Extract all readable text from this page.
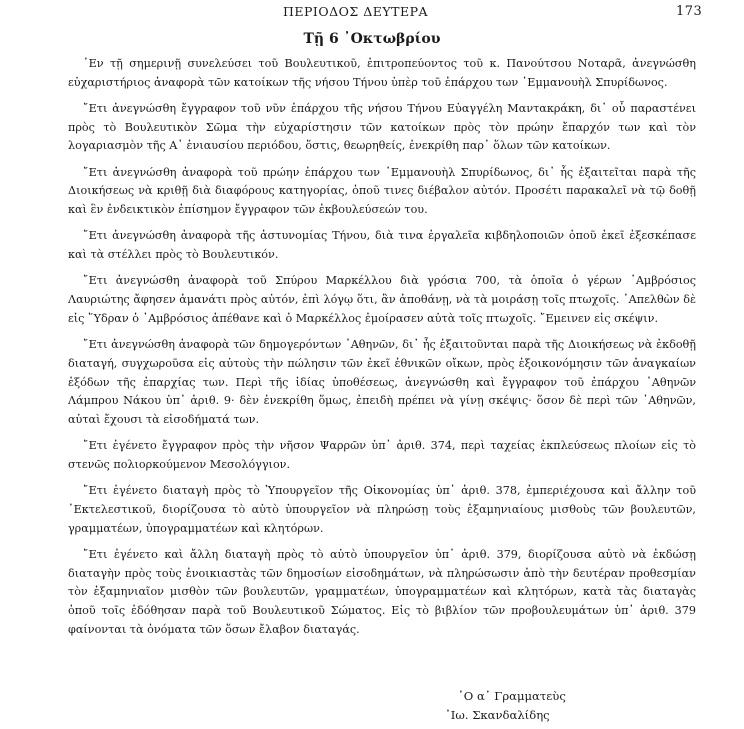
ΠΕΡΙΟΔΟΣ ΔΕΥΤΕΡΑ	173
Τῇ 6 ᾿Οκτωβρίου

᾿Εν τῇ σημερινῇ συνελεύσει τοῦ Βουλευτικοῦ, ἐπιτροπεύοντος τοῦ κ. Πανούτσου Νοταρᾶ, ἀνεγνώσθη εὐχαριστήριος ἀναφορὰ τῶν κατοίκων τῆς νήσου Τήνου ὑπὲρ τοῦ ἐπάρχου των ᾿Εμμανουὴλ Σπυρίδωνος.

῎Ετι ἀνεγνώσθη ἔγγραφον τοῦ νῦν ἐπάρχου τῆς νήσου Τήνου Εὐαγγέλη Μαντακράκη, δι᾿ οὗ παραστένει πρὸς τὸ Βουλευτικὸν Σῶμα τὴν εὐχαρίστησιν τῶν κατοίκων πρὸς τὸν πρώην ἔπαρχόν των καὶ τὸν λογαριασμὸν τῆς Α᾿ ἑνιαυσίου περιόδου, ὅστις, θεωρηθείς, ἐνεκρίθη παρ᾿ ὅλων τῶν κατοίκων.

῎Ετι ἀνεγνώσθη ἀναφορὰ τοῦ πρώην ἐπάρχου των ᾿Εμμανουὴλ Σπυρίδωνος, δι᾿ ἧς ἐξαιτεῖται παρὰ τῆς Διοικήσεως νὰ κριθῇ διὰ διαφόρους κατηγορίας, ὁποῦ τινες διέβαλον αὐτόν. Προσέτι παρακαλεῖ νὰ τῷ δοθῇ καὶ ἓν ἐνδεικτικὸν ἐπίσημον ἔγγραφον τῶν ἐκβουλεύσεών του.

῎Ετι ἀνεγνώσθη ἀναφορὰ τῆς ἀστυνομίας Τήνου, διὰ τινα ἐργαλεῖα κιβδηλοποιῶν ὁποῦ ἐκεῖ ἐξεσκέπασε καὶ τὰ στέλλει πρὸς τὸ Βουλευτικόν.

῎Ετι ἀνεγνώσθη ἀναφορὰ τοῦ Σπύρου Μαρκέλλου διὰ γρόσια 700, τὰ ὁποῖα ὁ γέρων ᾿Αμβρόσιος Λαυριώτης ἄφησεν ἀμανάτι πρὸς αὐτόν, ἐπὶ λόγῳ ὅτι, ἂν ἀποθάνῃ, νὰ τὰ μοιράσῃ τοῖς πτωχοῖς. ᾿Απελθὼν δὲ εἰς ῞Υδραν ὁ ᾿Αμβρόσιος ἀπέθανε καὶ ὁ Μαρκέλλος ἐμοίρασεν αὐτὰ τοῖς πτωχοῖς. ῎Εμεινεν εἰς σκέψιν.

῎Ετι ἀνεγνώσθη ἀναφορὰ τῶν δημογερόντων ᾿Αθηνῶν, δι᾿ ἧς ἐξαιτοῦνται παρὰ τῆς Διοικήσεως νὰ ἐκδοθῇ διαταγή, συγχωροῦσα εἰς αὐτοὺς τὴν πώλησιν τῶν ἐκεῖ ἐθνικῶν οἴκων, πρὸς ἐξοικονόμησιν τῶν ἀναγκαίων ἐξόδων τῆς ἐπαρχίας των. Περὶ τῆς ἰδίας ὑποθέσεως, ἀνεγνώσθη καὶ ἔγγραφον τοῦ ἐπάρχου ᾿Αθηνῶν Λάμπρου Νάκου ὑπ᾿ ἀριθ. 9· δὲν ἐνεκρίθη ὅμως, ἐπειδὴ πρέπει νὰ γίνῃ σκέψις· ὅσον δὲ περὶ τῶν ᾿Αθηνῶν, αὐταὶ ἔχουσι τὰ εἰσοδήματά των.

῎Ετι ἐγένετο ἔγγραφον πρὸς τὴν νῆσον Ψαρρῶν ὑπ᾿ ἀριθ. 374, περὶ ταχείας ἐκπλεύσεως πλοίων εἰς τὸ στενῶς πολιορκούμενον Μεσολόγγιον.

῎Ετι ἐγένετο διαταγὴ πρὸς τὸ Ὑπουργεῖον τῆς Οἰκονομίας ὑπ᾿ ἀριθ. 378, ἐμπεριέχουσα καὶ ἄλλην τοῦ ᾿Εκτελεστικοῦ, διορίζουσα τὸ αὐτὸ ὑπουργεῖον νὰ πληρώσῃ τοὺς ἑξαμηνιαίους μισθοὺς τῶν βουλευτῶν, γραμματέων, ὑπογραμματέων καὶ κλητόρων.

῎Ετι ἐγένετο καὶ ἄλλη διαταγὴ πρὸς τὸ αὐτὸ ὑπουργεῖον ὑπ᾿ ἀριθ. 379, διορίζουσα αὐτὸ νὰ ἐκδώσῃ διαταγὴν πρὸς τοὺς ἐνοικιαστὰς τῶν δημοσίων εἰσοδημάτων, νὰ πληρώσωσιν ἀπὸ τὴν δευτέραν προθεσμίαν τὸν ἑξαμηνιαῖον μισθὸν τῶν βουλευτῶν, γραμματέων, ὑπογραμματέων καὶ κλητόρων, κατὰ τὰς διαταγὰς ὁποῦ τοῖς ἐδόθησαν παρὰ τοῦ Βουλευτικοῦ Σώματος. Εἰς τὸ βιβλίον τῶν προβουλευμάτων ὑπ᾿ ἀριθ. 379 φαίνονται τὰ ὀνόματα τῶν ὅσων ἔλαβον διαταγάς.

῾Ο α᾿ Γραμματεὺς
᾿Ιω. Σκανδαλίδης
